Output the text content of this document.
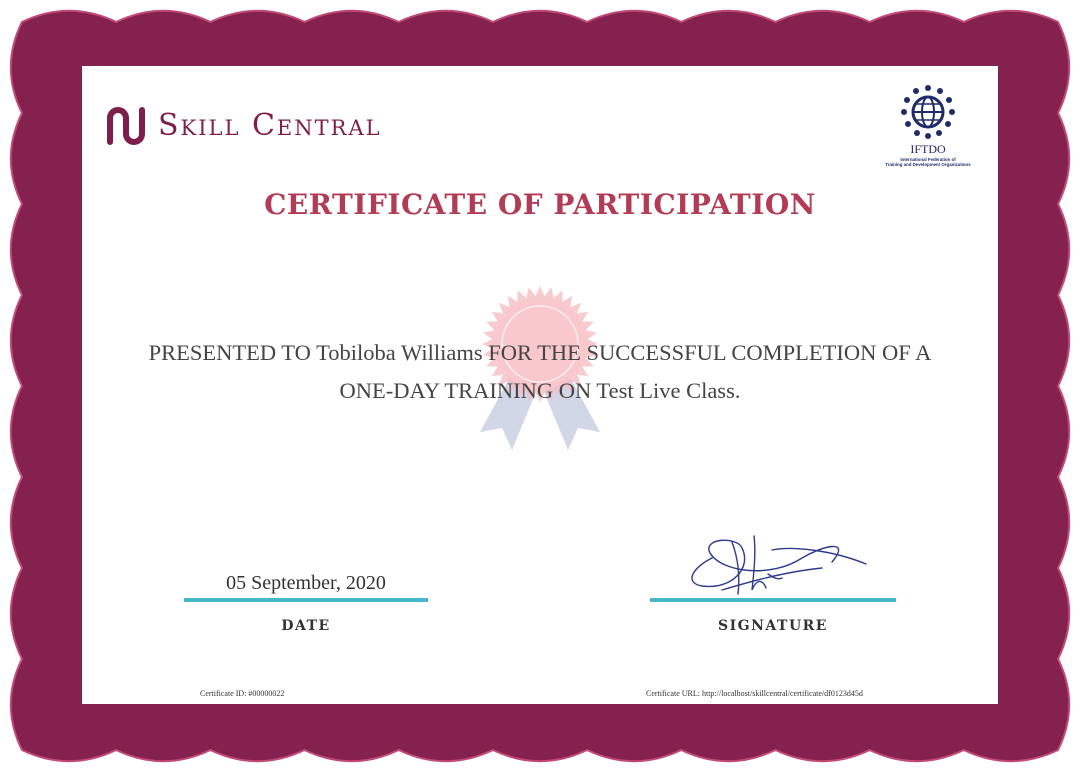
Skill Central
IFTDO
International Federation of
Training and Development Organizations
CERTIFICATE OF PARTICIPATION
PRESENTED TO Tobiloba Williams FOR THE SUCCESSFUL COMPLETION OF A
ONE-DAY TRAINING ON Test Live Class.
05 September, 2020
DATE	SIGNATURE
Certificate ID: #00000022	Certificate URL: http://localhost/skillcentral/certificate/df0123d45d
